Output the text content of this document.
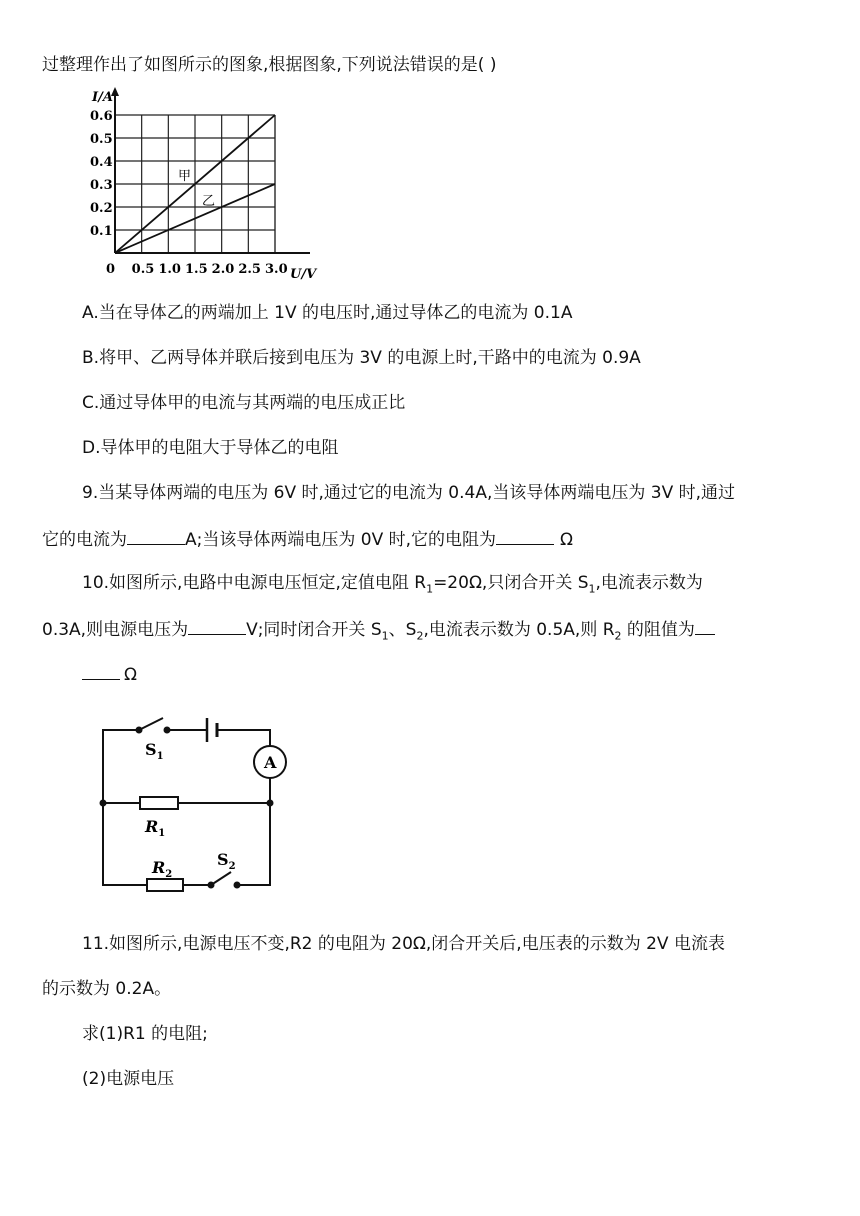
过整理作出了如图所示的图象,根据图象,下列说法错误的是( )
0.5 1.0 1.5 2.0 2.5 3.0
0.1
0.2
0.3
0.4
0.5
0.6
I/A
U/V
0
甲
乙
A.当在导体乙的两端加上 1V 的电压时,通过导体乙的电流为 0.1A
B.将甲、乙两导体并联后接到电压为 3V 的电源上时,干路中的电流为 0.9A
C.通过导体甲的电流与其两端的电压成正比
D.导体甲的电阻大于导体乙的电阻
9.当某导体两端的电压为 6V 时,通过它的电流为 0.4A,当该导体两端电压为 3V 时,通过
它的电流为	A;当该导体两端电压为 0V 时,它的电阻为	Ω
10.如图所示,电路中电源电压恒定,定值电阻 $R_1=20\Omega$,只闭合开关 $S_1$,电流表示数为
0.3A,则电源电压为	V;同时闭合开关 $S_1$、$S_2$,电流表示数为 0.5A,则 $R_2$ 的阻值为
Ω
A
$S_1$
$R_1$
$R_2$
$S_2$
11.如图所示,电源电压不变,R2 的电阻为 20Ω,闭合开关后,电压表的示数为 2V 电流表
的示数为 0.2A。
求(1)R1 的电阻;
(2)电源电压
